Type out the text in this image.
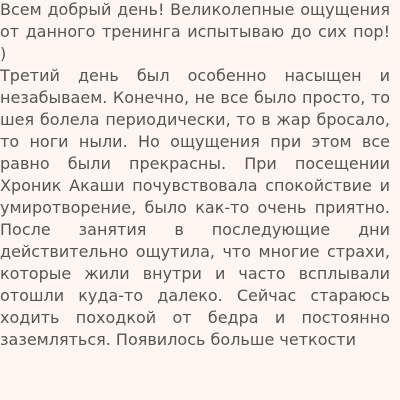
Всем добрый день! Великолепные ощущения от данного тренинга испытываю до сих пор! )

Третий день был особенно насыщен и незабываем. Конечно, не все было просто, то шея болела периодически, то в жар бросало, то ноги ныли. Но ощущения при этом все равно были прекрасны. При посещении Хроник Акаши почувствовала спокойствие и умиротворение, было как-то очень приятно. После занятия в последующие дни действительно ощутила, что многие страхи, которые жили внутри и часто всплывали отошли куда-то далеко. Сейчас стараюсь ходить походкой от бедра и постоянно заземляться. Появилось больше четкости
